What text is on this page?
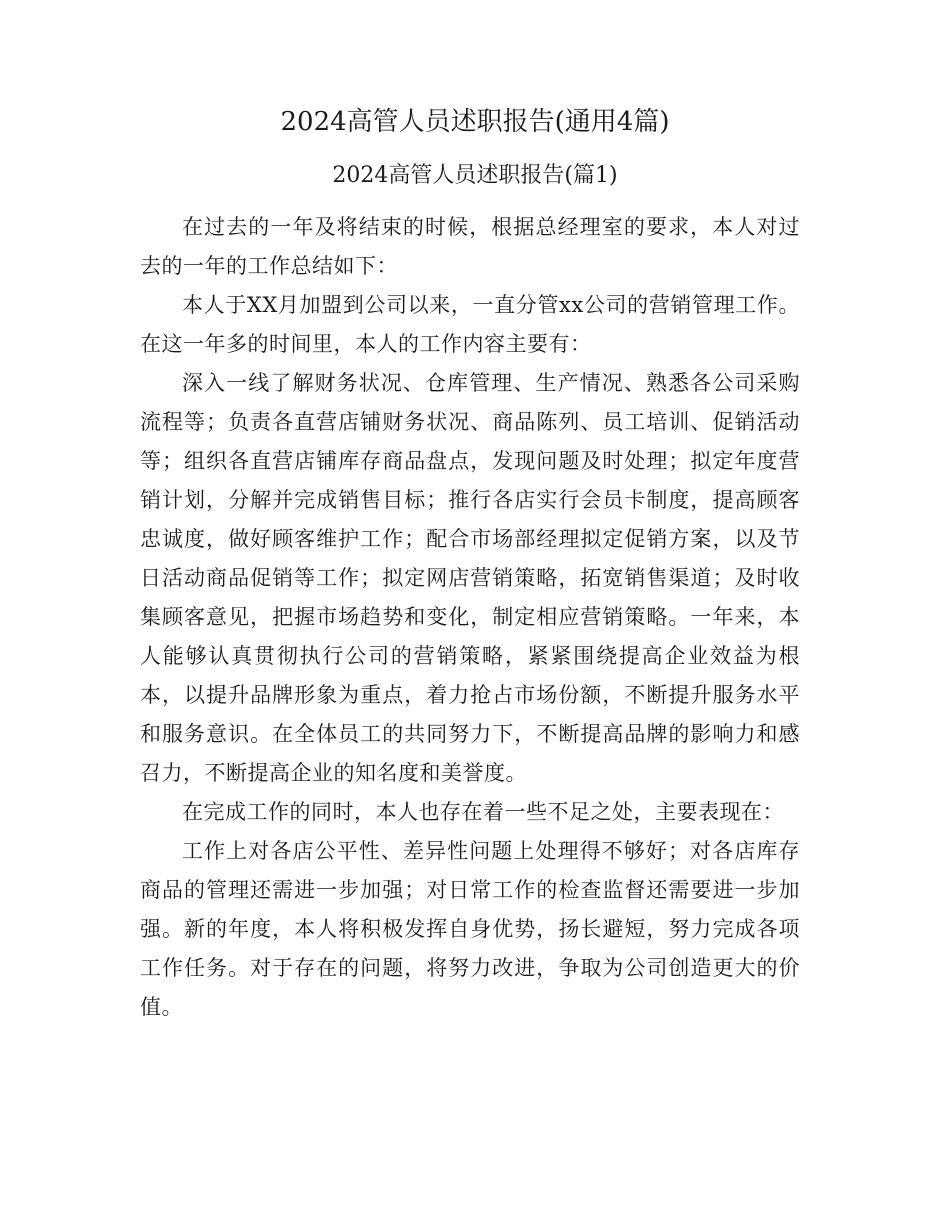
2024高管人员述职报告(通用4篇)
2024高管人员述职报告(篇1)

在过去的一年及将结束的时候，根据总经理室的要求，本人对过去的一年的工作总结如下：

本人于XX月加盟到公司以来，一直分管xx公司的营销管理工作。在这一年多的时间里，本人的工作内容主要有：

深入一线了解财务状况、仓库管理、生产情况、熟悉各公司采购流程等；负责各直营店铺财务状况、商品陈列、员工培训、促销活动等；组织各直营店铺库存商品盘点，发现问题及时处理；拟定年度营销计划，分解并完成销售目标；推行各店实行会员卡制度，提高顾客忠诚度，做好顾客维护工作；配合市场部经理拟定促销方案，以及节日活动商品促销等工作；拟定网店营销策略，拓宽销售渠道；及时收集顾客意见，把握市场趋势和变化，制定相应营销策略。一年来，本人能够认真贯彻执行公司的营销策略，紧紧围绕提高企业效益为根本，以提升品牌形象为重点，着力抢占市场份额，不断提升服务水平和服务意识。在全体员工的共同努力下，不断提高品牌的影响力和感召力，不断提高企业的知名度和美誉度。

在完成工作的同时，本人也存在着一些不足之处，主要表现在：

工作上对各店公平性、差异性问题上处理得不够好；对各店库存商品的管理还需进一步加强；对日常工作的检查监督还需要进一步加强。新的年度，本人将积极发挥自身优势，扬长避短，努力完成各项工作任务。对于存在的问题，将努力改进，争取为公司创造更大的价值。
